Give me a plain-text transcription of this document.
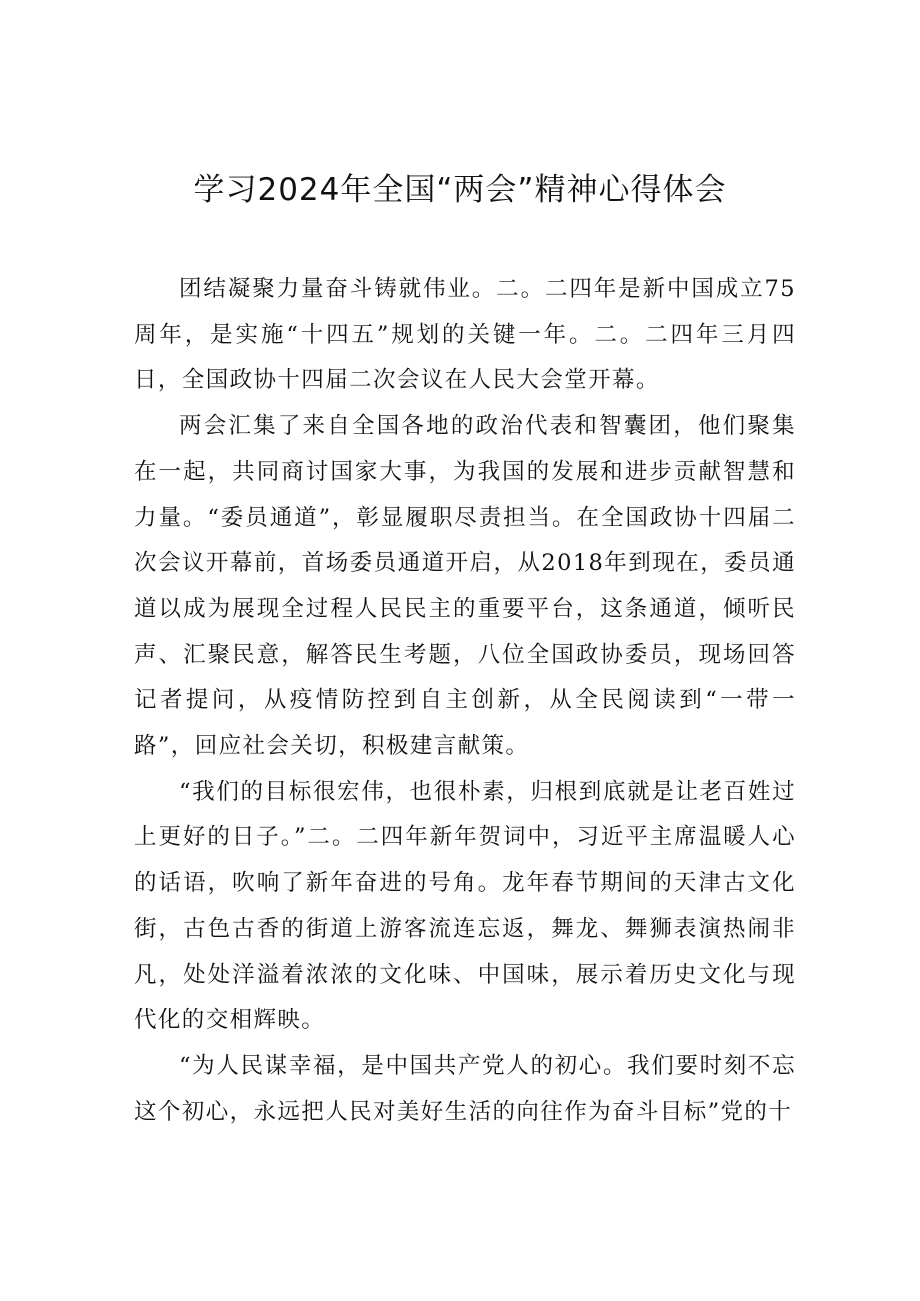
学习2024年全国“两会”精神心得体会

团结凝聚力量奋斗铸就伟业。二。二四年是新中国成立75周年，是实施“十四五”规划的关键一年。二。二四年三月四日，全国政协十四届二次会议在人民大会堂开幕。

两会汇集了来自全国各地的政治代表和智囊团，他们聚集在一起，共同商讨国家大事，为我国的发展和进步贡献智慧和力量。“委员通道”，彰显履职尽责担当。在全国政协十四届二次会议开幕前，首场委员通道开启，从2018年到现在，委员通道以成为展现全过程人民民主的重要平台，这条通道，倾听民声、汇聚民意，解答民生考题，八位全国政协委员，现场回答记者提问，从疫情防控到自主创新，从全民阅读到“一带一路”，回应社会关切，积极建言献策。

“我们的目标很宏伟，也很朴素，归根到底就是让老百姓过上更好的日子。”二。二四年新年贺词中，习近平主席温暖人心的话语，吹响了新年奋进的号角。龙年春节期间的天津古文化街，古色古香的街道上游客流连忘返，舞龙、舞狮表演热闹非凡，处处洋溢着浓浓的文化味、中国味，展示着历史文化与现代化的交相辉映。

“为人民谋幸福，是中国共产党人的初心。我们要时刻不忘这个初心，永远把人民对美好生活的向往作为奋斗目标”党的十
